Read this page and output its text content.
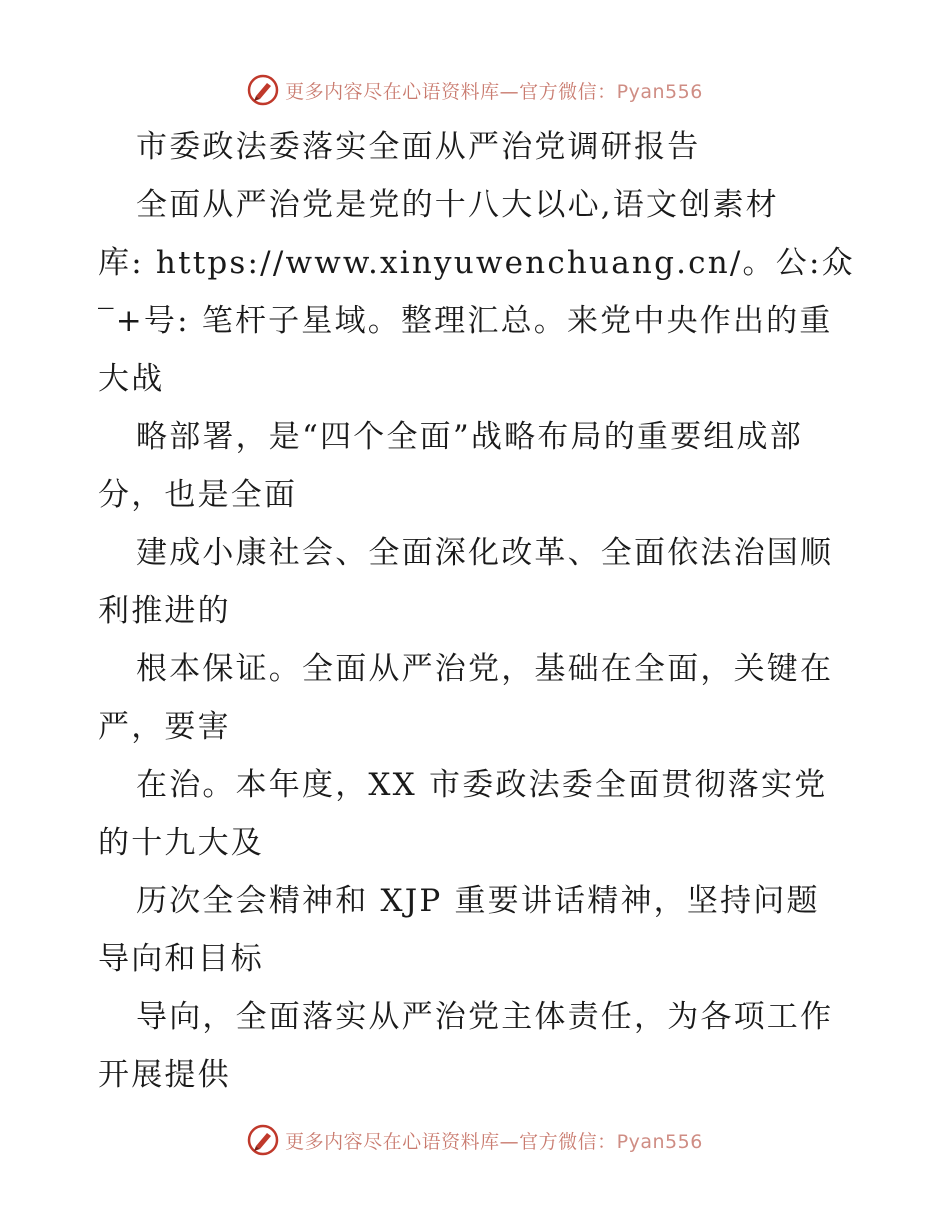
更多内容尽在心语资料库—官方微信：Pyan556
市委政法委落实全面从严治党调研报告
全面从严治党是党的十八大以心,语文创素材
库: https://www.xinyuwenchuang.cn/。公:众
‾+号: 笔杆子星域。整理汇总。来党中央作出的重
大战
略部署，是“四个全面”战略布局的重要组成部
分，也是全面
建成小康社会、全面深化改革、全面依法治国顺
利推进的
根本保证。全面从严治党，基础在全面，关键在
严，要害
在治。本年度，XX 市委政法委全面贯彻落实党
的十九大及
历次全会精神和 XJP 重要讲话精神，坚持问题
导向和目标
导向，全面落实从严治党主体责任，为各项工作
开展提供
更多内容尽在心语资料库—官方微信：Pyan556
